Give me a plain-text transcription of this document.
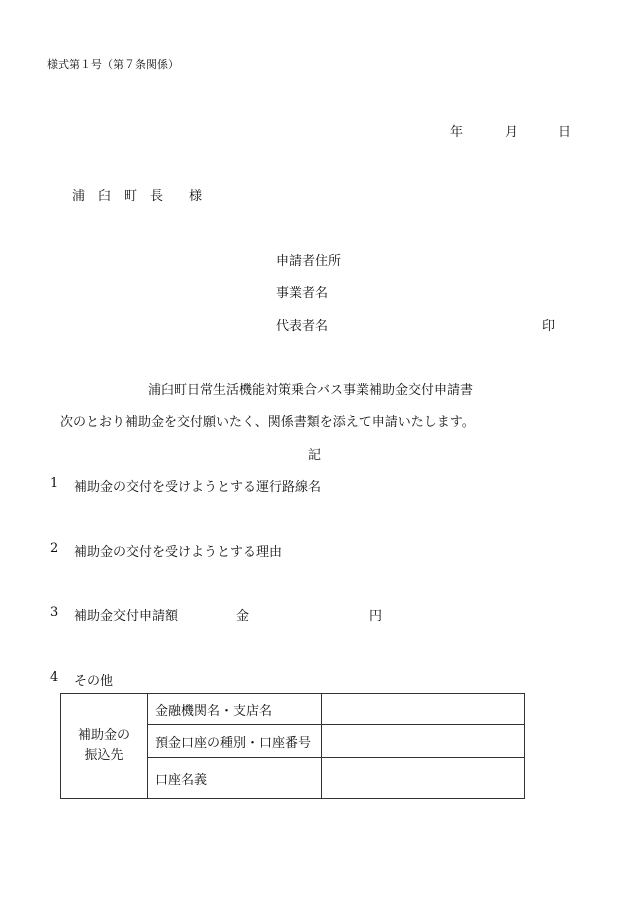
様式第１号（第７条関係）
年	月	日
浦　臼　町　長　　様
申請者住所
事業者名
代表者名	印
浦臼町日常生活機能対策乗合バス事業補助金交付申請書
次のとおり補助金を交付願いたく、関係書類を添えて申請いたします。
記
1 補助金の交付を受けようとする運行路線名
2 補助金の交付を受けようとする理由
3 補助金交付申請額	金	円
4 その他
補助金の
振込先	金融機関名・支店名	
	預金口座の種別・口座番号	
	口座名義	
